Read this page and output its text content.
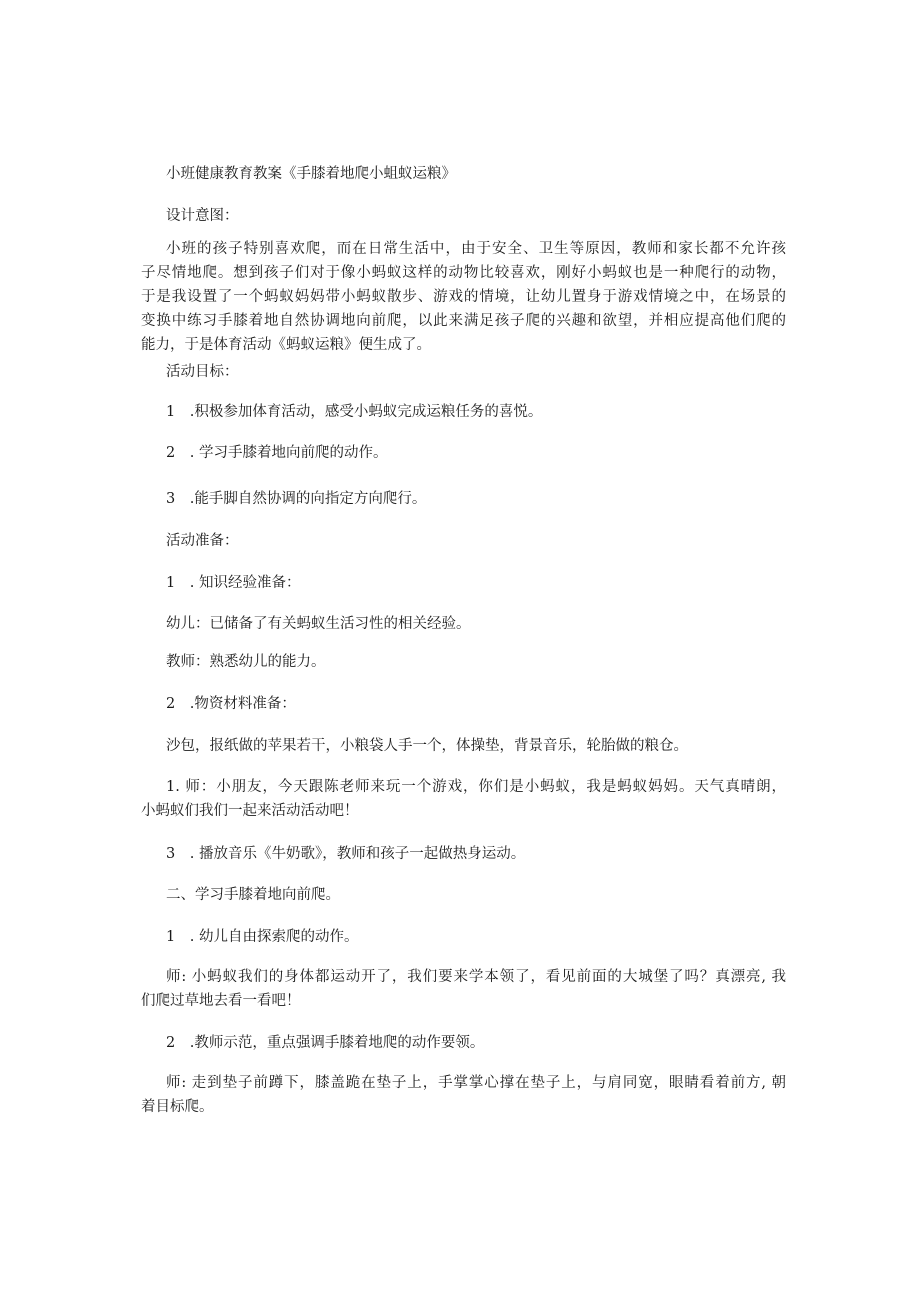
小班健康教育教案《手膝着地爬小蛆蚁运粮》

设计意图：

小班的孩子特别喜欢爬，而在日常生活中，由于安全、卫生等原因，教师和家长都不允许孩
子尽情地爬。想到孩子们对于像小蚂蚁这样的动物比较喜欢，刚好小蚂蚁也是一种爬行的动物，
于是我设置了一个蚂蚁妈妈带小蚂蚁散步、游戏的情境，让幼儿置身于游戏情境之中，在场景的
变换中练习手膝着地自然协调地向前爬，以此来满足孩子爬的兴趣和欲望，并相应提高他们爬的
能力，于是体育活动《蚂蚁运粮》便生成了。

活动目标：

1　.积极参加体育活动，感受小蚂蚁完成运粮任务的喜悦。

2　. 学习手膝着地向前爬的动作。

3　.能手脚自然协调的向指定方向爬行。

活动准备：

1　. 知识经验准备：

幼儿：已储备了有关蚂蚁生活习性的相关经验。

教师：熟悉幼儿的能力。

2　.物资材料准备：

沙包，报纸做的苹果若干，小粮袋人手一个，体操垫，背景音乐，轮胎做的粮仓。

1. 师：小朋友，今天跟陈老师来玩一个游戏，你们是小蚂蚁，我是蚂蚁妈妈。天气真晴朗，
小蚂蚁们我们一起来活动活动吧！

3　. 播放音乐《牛奶歌》，教师和孩子一起做热身运动。

二、学习手膝着地向前爬。

1　. 幼儿自由探索爬的动作。

师: 小蚂蚁我们的身体都运动开了，我们要来学本领了，看见前面的大城堡了吗？真漂亮, 我
们爬过草地去看一看吧！

2　.教师示范，重点强调手膝着地爬的动作要领。

师: 走到垫子前蹲下，膝盖跪在垫子上，手掌掌心撑在垫子上，与肩同宽，眼睛看着前方, 朝
着目标爬。
